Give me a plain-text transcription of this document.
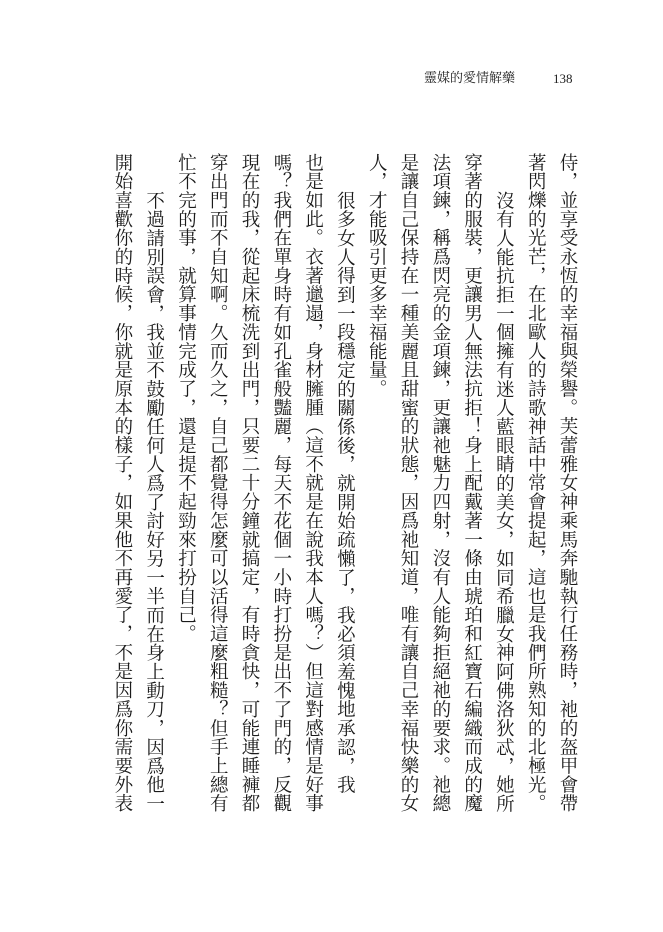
靈媒的愛情解藥	138
侍，並享受永恆的幸福與榮譽。芙蕾雅女神乘馬奔馳執行任務時，祂的盔甲會帶
著閃爍的光芒，在北歐人的詩歌神話中常會提起，這也是我們所熟知的北極光。
沒有人能抗拒一個擁有迷人藍眼睛的美女，如同希臘女神阿佛洛狄忒，她所
穿著的服裝，更讓男人無法抗拒！身上配戴著一條由琥珀和紅寶石編織而成的魔
法項鍊，稱爲閃亮的金項鍊，更讓祂魅力四射，沒有人能夠拒絕祂的要求。祂總
是讓自己保持在一種美麗且甜蜜的狀態，因爲祂知道，唯有讓自己幸福快樂的女
人，才能吸引更多幸福能量。
很多女人得到一段穩定的關係後，就開始疏懶了，我必須羞愧地承認，我
也是如此。衣著邋遢，身材臃腫（這不就是在說我本人嗎？）但這對感情是好事
嗎？我們在單身時有如孔雀般豔麗，每天不花個一小時打扮是出不了門的，反觀
現在的我，從起床梳洗到出門，只要二十分鐘就搞定，有時貪快，可能連睡褲都
穿出門而不自知啊。久而久之，自己都覺得怎麼可以活得這麼粗糙？但手上總有
忙不完的事，就算事情完成了，還是提不起勁來打扮自己。
不過請別誤會，我並不鼓勵任何人爲了討好另一半而在身上動刀，因爲他一
開始喜歡你的時候，你就是原本的樣子，如果他不再愛了，不是因爲你需要外表
